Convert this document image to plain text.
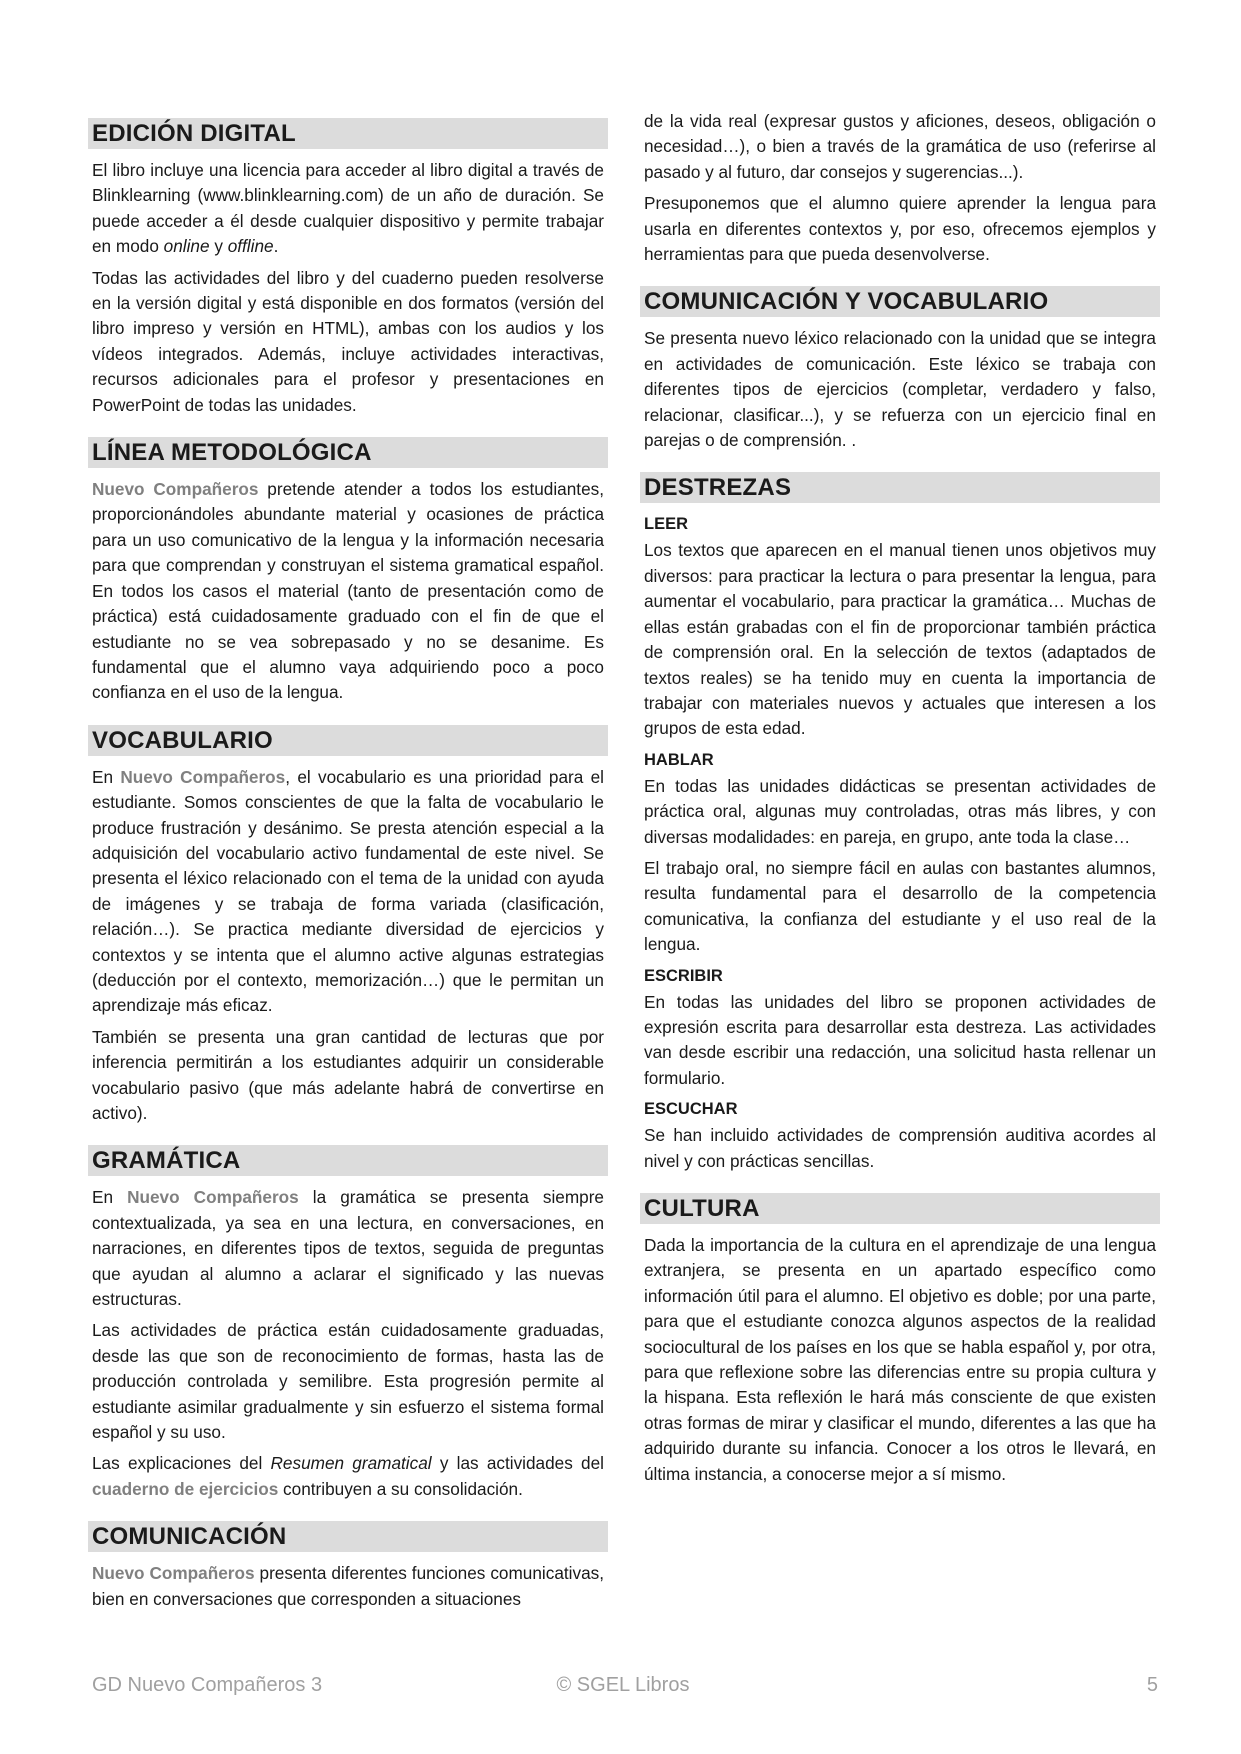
EDICIÓN DIGITAL

El libro incluye una licencia para acceder al libro digital a través de Blinklearning (www.blinklearning.com) de un año de duración. Se puede acceder a él desde cualquier dispositivo y permite trabajar en modo online y offline.

Todas las actividades del libro y del cuaderno pueden resolverse en la versión digital y está disponible en dos formatos (versión del libro impreso y versión en HTML), ambas con los audios y los vídeos integrados. Además, incluye actividades interactivas, recursos adicionales para el profesor y presentaciones en PowerPoint de todas las unidades.

LÍNEA METODOLÓGICA

Nuevo Compañeros pretende atender a todos los estudiantes, proporcionándoles abundante material y ocasiones de práctica para un uso comunicativo de la lengua y la información necesaria para que comprendan y construyan el sistema gramatical español. En todos los casos el material (tanto de presentación como de práctica) está cuidadosamente graduado con el fin de que el estudiante no se vea sobrepasado y no se desanime. Es fundamental que el alumno vaya adquiriendo poco a poco confianza en el uso de la lengua.

VOCABULARIO

En Nuevo Compañeros, el vocabulario es una prioridad para el estudiante. Somos conscientes de que la falta de vocabulario le produce frustración y desánimo. Se presta atención especial a la adquisición del vocabulario activo fundamental de este nivel. Se presenta el léxico relacionado con el tema de la unidad con ayuda de imágenes y se trabaja de forma variada (clasificación, relación…). Se practica mediante diversidad de ejercicios y contextos y se intenta que el alumno active algunas estrategias (deducción por el contexto, memorización…) que le permitan un aprendizaje más eficaz.

También se presenta una gran cantidad de lecturas que por inferencia permitirán a los estudiantes adquirir un considerable vocabulario pasivo (que más adelante habrá de convertirse en activo).

GRAMÁTICA

En Nuevo Compañeros la gramática se presenta siempre contextualizada, ya sea en una lectura, en conversaciones, en narraciones, en diferentes tipos de textos, seguida de preguntas que ayudan al alumno a aclarar el significado y las nuevas estructuras.

Las actividades de práctica están cuidadosamente graduadas, desde las que son de reconocimiento de formas, hasta las de producción controlada y semilibre. Esta progresión permite al estudiante asimilar gradualmente y sin esfuerzo el sistema formal español y su uso.

Las explicaciones del Resumen gramatical y las actividades del cuaderno de ejercicios contribuyen a su consolidación.

COMUNICACIÓN

Nuevo Compañeros presenta diferentes funciones comunicativas, bien en conversaciones que corresponden a situaciones

de la vida real (expresar gustos y aficiones, deseos, obligación o necesidad…), o bien a través de la gramática de uso (referirse al pasado y al futuro, dar consejos y sugerencias...).

Presuponemos que el alumno quiere aprender la lengua para usarla en diferentes contextos y, por eso, ofrecemos ejemplos y herramientas para que pueda desenvolverse.

COMUNICACIÓN Y VOCABULARIO

Se presenta nuevo léxico relacionado con la unidad que se integra en actividades de comunicación. Este léxico se trabaja con diferentes tipos de ejercicios (completar, verdadero y falso, relacionar, clasificar...), y se refuerza con un ejercicio final en parejas o de comprensión. .

DESTREZAS
LEER

Los textos que aparecen en el manual tienen unos objetivos muy diversos: para practicar la lectura o para presentar la lengua, para aumentar el vocabulario, para practicar la gramática… Muchas de ellas están grabadas con el fin de proporcionar también práctica de comprensión oral. En la selección de textos (adaptados de textos reales) se ha tenido muy en cuenta la importancia de trabajar con materiales nuevos y actuales que interesen a los grupos de esta edad.

HABLAR

En todas las unidades didácticas se presentan actividades de práctica oral, algunas muy controladas, otras más libres, y con diversas modalidades: en pareja, en grupo, ante toda la clase…

El trabajo oral, no siempre fácil en aulas con bastantes alumnos, resulta fundamental para el desarrollo de la competencia comunicativa, la confianza del estudiante y el uso real de la lengua.

ESCRIBIR

En todas las unidades del libro se proponen actividades de expresión escrita para desarrollar esta destreza. Las actividades van desde escribir una redacción, una solicitud hasta rellenar un formulario.

ESCUCHAR

Se han incluido actividades de comprensión auditiva acordes al nivel y con prácticas sencillas.

CULTURA

Dada la importancia de la cultura en el aprendizaje de una lengua extranjera, se presenta en un apartado específico como información útil para el alumno. El objetivo es doble; por una parte, para que el estudiante conozca algunos aspectos de la realidad sociocultural de los países en los que se habla español y, por otra, para que reflexione sobre las diferencias entre su propia cultura y la hispana. Esta reflexión le hará más consciente de que existen otras formas de mirar y clasificar el mundo, diferentes a las que ha adquirido durante su infancia. Conocer a los otros le llevará, en última instancia, a conocerse mejor a sí mismo.

GD Nuevo Compañeros 3	© SGEL Libros	5
